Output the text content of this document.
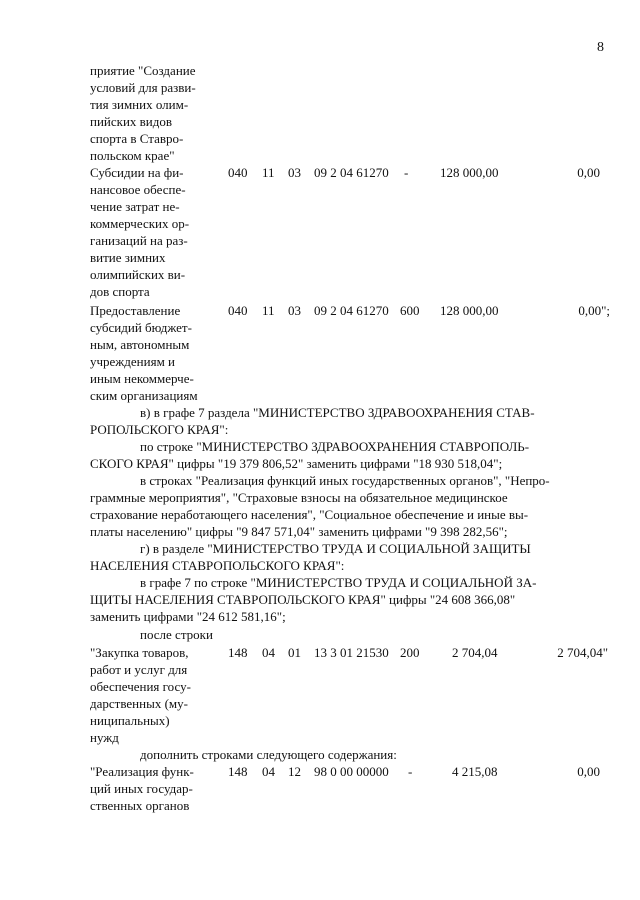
8
приятие "Создание
условий для разви-
тия зимних олим-
пийских видов
спорта в Ставро-
польском крае"
Субсидии на фи-
нансовое обеспе-
чение затрат не-
коммерческих ор-
ганизаций на раз-
витие зимних
олимпийских ви-
дов спорта
040 11 03 09 2 04 61270 - 128 000,00	0,00
Предоставление
субсидий бюджет-
ным, автономным
учреждениям и
иным некоммерче-
ским организациям
040 11 03 09 2 04 61270 600 128 000,00	0,00";
в) в графе 7 раздела "МИНИСТЕРСТВО ЗДРАВООХРАНЕНИЯ СТАВ-
РОПОЛЬСКОГО КРАЯ":
по строке "МИНИСТЕРСТВО ЗДРАВООХРАНЕНИЯ СТАВРОПОЛЬ-
СКОГО КРАЯ" цифры "19 379 806,52" заменить цифрами "18 930 518,04";
в строках "Реализация функций иных государственных органов", "Непро-
граммные мероприятия", "Страховые взносы на обязательное медицинское
страхование неработающего населения", "Социальное обеспечение и иные вы-
платы населению" цифры "9 847 571,04" заменить цифрами "9 398 282,56";
г) в разделе "МИНИСТЕРСТВО ТРУДА И СОЦИАЛЬНОЙ ЗАЩИТЫ
НАСЕЛЕНИЯ СТАВРОПОЛЬСКОГО КРАЯ":
в графе 7 по строке "МИНИСТЕРСТВО ТРУДА И СОЦИАЛЬНОЙ ЗА-
ЩИТЫ НАСЕЛЕНИЯ СТАВРОПОЛЬСКОГО КРАЯ" цифры "24 608 366,08"
заменить цифрами "24 612 581,16";
после строки
"Закупка товаров,
работ и услуг для
обеспечения госу-
дарственных (му-
ниципальных)
нужд
148 04 01 13 3 01 21530 200	2 704,04	2 704,04"
дополнить строками следующего содержания:
"Реализация функ-
ций иных государ-
ственных органов
148 04 12 98 0 00 00000 -	4 215,08	0,00
